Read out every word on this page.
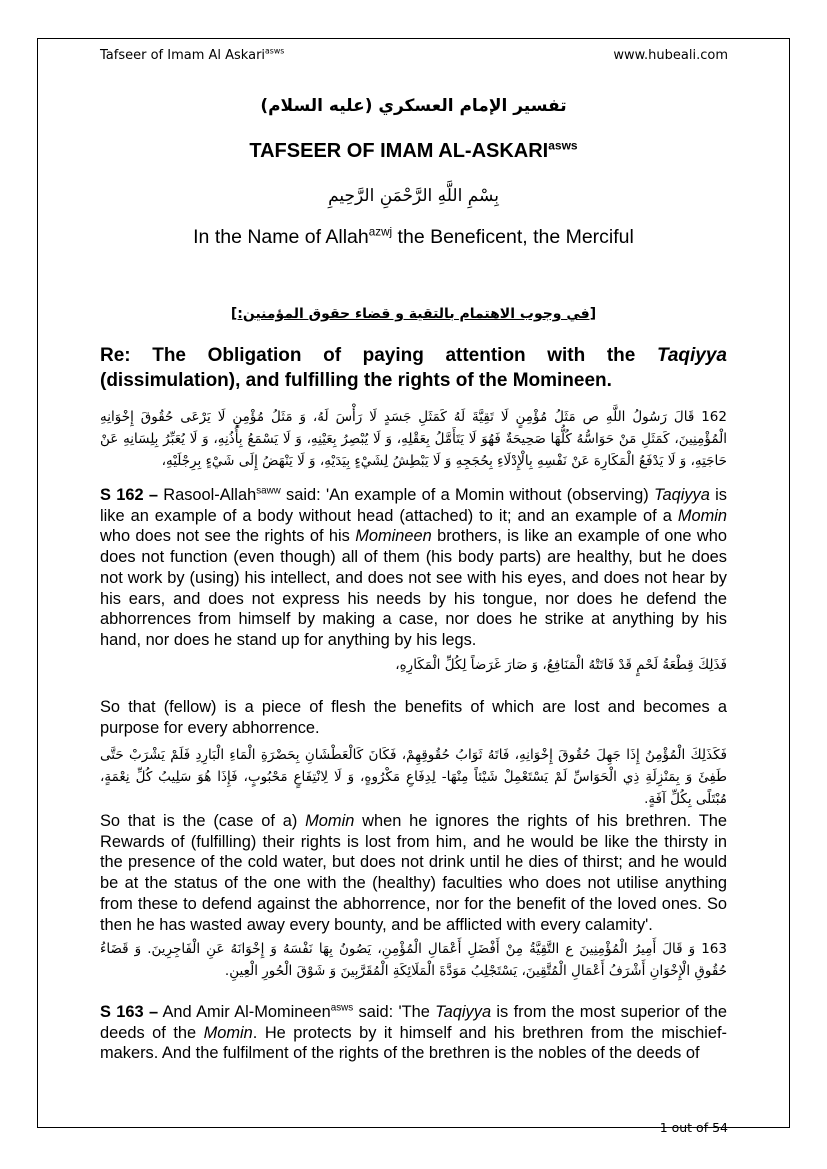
Tafseer of Imam Al Askari$^{asws}$	www.hubeali.com
تفسير الإمام العسكري (عليه السلام)
TAFSEER OF IMAM $AL-ASKARI^{asws}$
بِسْمِ اللَّهِ الرَّحْمَنِ الرَّحِيمِ
In the Name of Allah$^{azwj}$ the Beneficent, the Merciful
[في وجوب الاهتمام بالتقية و قضاء حقوق المؤمنين:]
Re: The Obligation of paying attention with the Taqiyya (dissimulation), and fulfilling the rights of the Momineen.
162 قَالَ رَسُولُ اللَّهِ ص مَثَلُ مُؤْمِنٍ لَا تَقِيَّةَ لَهُ كَمَثَلِ جَسَدٍ لَا رَأْسَ لَهُ، وَ مَثَلُ مُؤْمِنٍ لَا يَرْعَى حُقُوقَ إِخْوَانِهِ الْمُؤْمِنِينَ، كَمَثَلِ مَنْ حَوَاسُّهُ كُلُّهَا صَحِيحَةٌ فَهُوَ لَا يَتَأَمَّلُ بِعَقْلِهِ، وَ لَا يُبْصِرُ بِعَيْنِهِ، وَ لَا يَسْمَعُ بِأُذُنِهِ، وَ لَا يُعَبِّرُ بِلِسَانِهِ عَنْ حَاجَتِهِ، وَ لَا يَدْفَعُ الْمَكَارِهَ عَنْ نَفْسِهِ بِالْإِدْلَاءِ بِحُجَجِهِ وَ لَا يَبْطِشُ لِشَيْءٍ بِيَدَيْهِ، وَ لَا يَنْهَضُ إِلَى شَيْءٍ بِرِجْلَيْهِ،
S 162 – Rasool-Allah$^{saww}$ said: 'An example of a Momin without (observing) Taqiyya is like an example of a body without head (attached) to it; and an example of a Momin who does not see the rights of his Momineen brothers, is like an example of one who does not function (even though) all of them (his body parts) are healthy, but he does not work by (using) his intellect, and does not see with his eyes, and does not hear by his ears, and does not express his needs by his tongue, nor does he defend the abhorrences from himself by making a case, nor does he strike at anything by his hand, nor does he stand up for anything by his legs.
فَذَلِكَ قِطْعَةُ لَحْمٍ قَدْ فَاتَتْهُ الْمَنَافِعُ، وَ صَارَ غَرَضاً لِكُلِّ الْمَكَارِهِ،
So that (fellow) is a piece of flesh the benefits of which are lost and becomes a purpose for every abhorrence.
فَكَذَلِكَ الْمُؤْمِنُ إِذَا جَهِلَ حُقُوقَ إِخْوَانِهِ، فَاتَهُ ثَوَابُ حُقُوقِهِمْ، فَكَانَ كَالْعَطْشَانِ بِحَضْرَةِ الْمَاءِ الْبَارِدِ فَلَمْ يَشْرَبْ حَتَّى طَفِئَ وَ بِمَنْزِلَةِ ذِي الْحَوَاسِّ لَمْ يَسْتَعْمِلْ شَيْئاً مِنْهَا- لِدِفَاعِ مَكْرُوهٍ، وَ لَا لِانْتِفَاعٍ مَحْبُوبٍ، فَإِذَا هُوَ سَلِيبُ كُلِّ نِعْمَةٍ، مُبْتَلًى بِكُلِّ آفَةٍ.
So that is the (case of a) Momin when he ignores the rights of his brethren. The Rewards of (fulfilling) their rights is lost from him, and he would be like the thirsty in the presence of the cold water, but does not drink until he dies of thirst; and he would be at the status of the one with the (healthy) faculties who does not utilise anything from these to defend against the abhorrence, nor for the benefit of the loved ones. So then he has wasted away every bounty, and be afflicted with every calamity'.
163 وَ قَالَ أَمِيرُ الْمُؤْمِنِينَ ع التَّقِيَّةُ مِنْ أَفْضَلِ أَعْمَالِ الْمُؤْمِنِ، يَصُونُ بِهَا نَفْسَهُ وَ إِخْوَانَهُ عَنِ الْفَاجِرِينَ. وَ قَضَاءُ حُقُوقِ الْإِخْوَانِ أَشْرَفُ أَعْمَالِ الْمُتَّقِينَ، يَسْتَجْلِبُ مَوَدَّةَ الْمَلَائِكَةِ الْمُقَرَّبِينَ وَ شَوْقَ الْحُورِ الْعِينِ.
S 163 – And Amir Al-Momineen$^{asws}$ said: 'The Taqiyya is from the most superior of the deeds of the Momin. He protects by it himself and his brethren from the mischief-makers. And the fulfilment of the rights of the brethren is the nobles of the deeds of
1 out of 54
